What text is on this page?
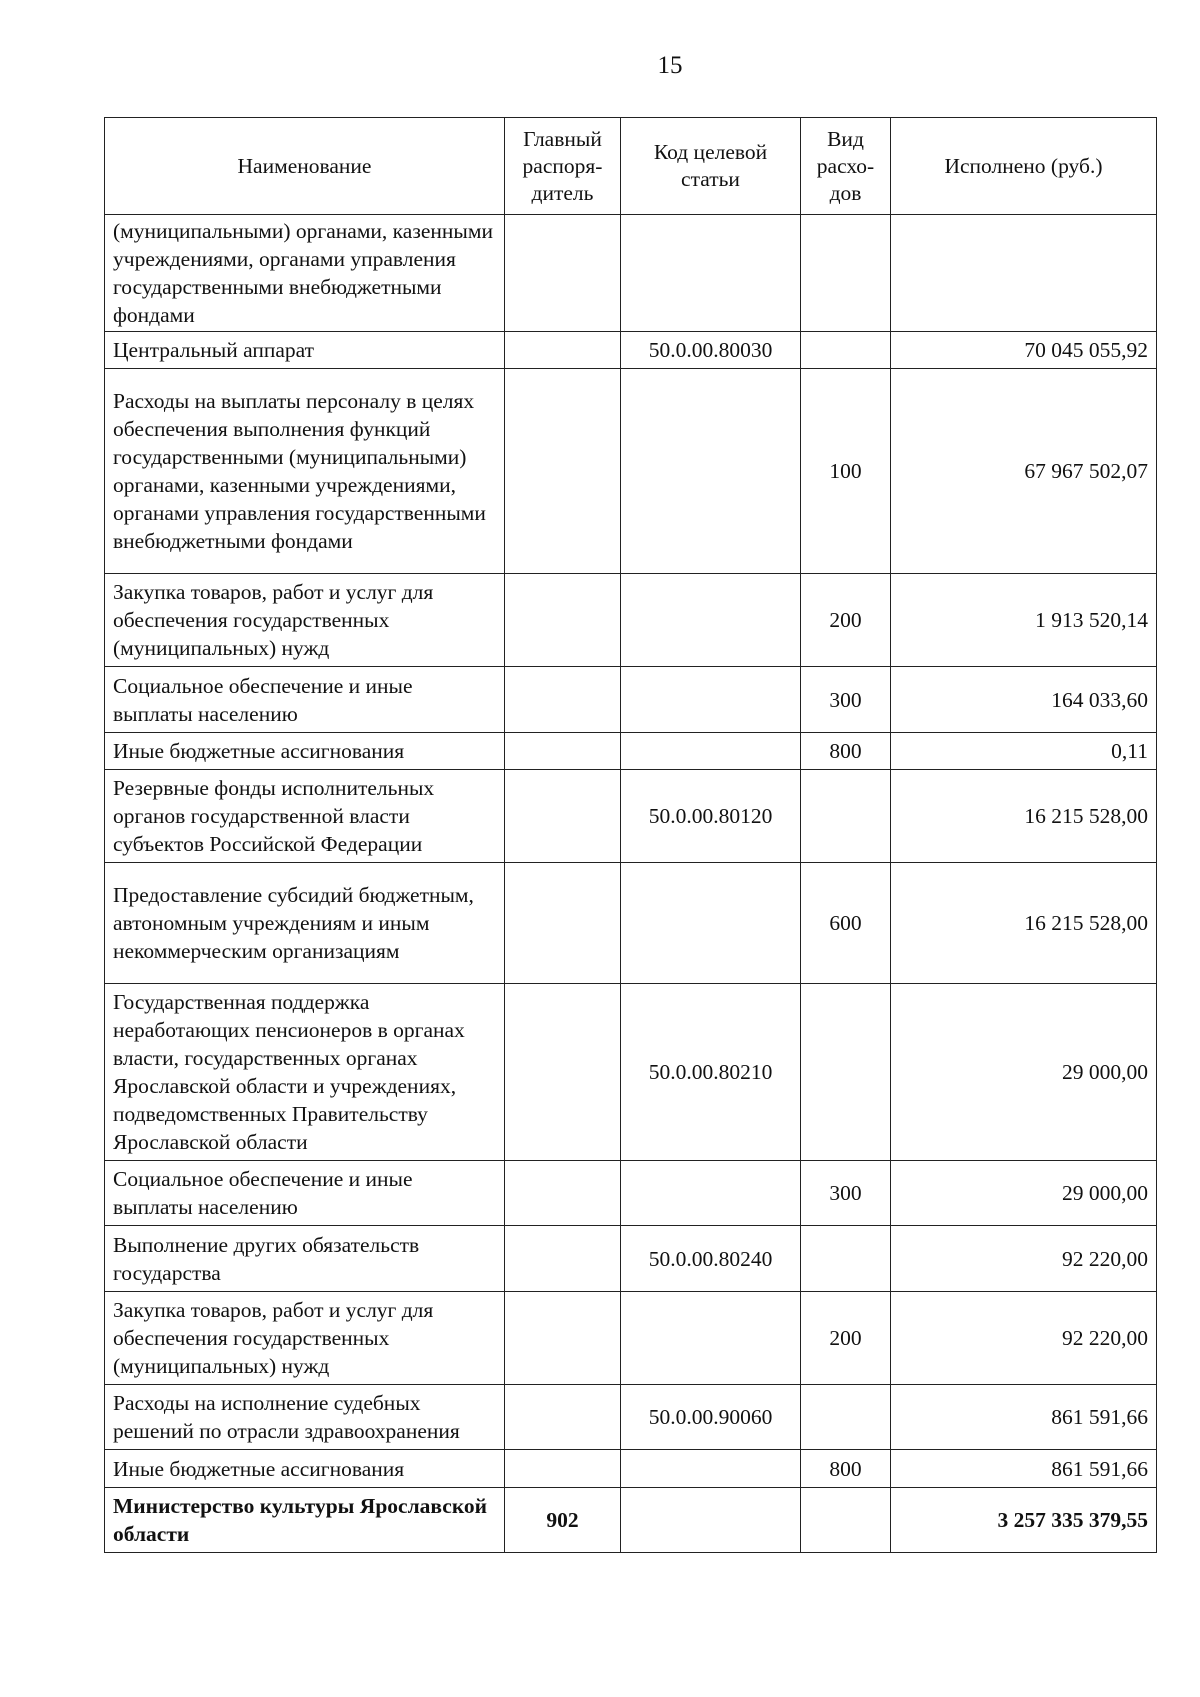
15
Наименование	Главный распоря- дитель	Код целевой статьи	Вид расхо- дов	Исполнено (руб.)
(муниципальными) органами, казенными учреждениями, органами управления государственными внебюджетными фондами				
Центральный аппарат		50.0.00.80030		70 045 055,92
Расходы на выплаты персоналу в целях обеспечения выполнения функций государственными (муниципальными) органами, казенными учреждениями, органами управления государственными внебюджетными фондами			100	67 967 502,07
Закупка товаров, работ и услуг для обеспечения государственных (муниципальных) нужд			200	1 913 520,14
Социальное обеспечение и иные выплаты населению			300	164 033,60
Иные бюджетные ассигнования			800	0,11
Резервные фонды исполнительных органов государственной власти субъектов Российской Федерации		50.0.00.80120		16 215 528,00
Предоставление субсидий бюджетным, автономным учреждениям и иным некоммерческим организациям			600	16 215 528,00
Государственная поддержка неработающих пенсионеров в органах власти, государственных органах Ярославской области и учреждениях, подведомственных Правительству Ярославской области		50.0.00.80210		29 000,00
Социальное обеспечение и иные выплаты населению			300	29 000,00
Выполнение других обязательств государства		50.0.00.80240		92 220,00
Закупка товаров, работ и услуг для обеспечения государственных (муниципальных) нужд			200	92 220,00
Расходы на исполнение судебных решений по отрасли здравоохранения		50.0.00.90060		861 591,66
Иные бюджетные ассигнования			800	861 591,66
Министерство культуры Ярославской области	902			3 257 335 379,55
